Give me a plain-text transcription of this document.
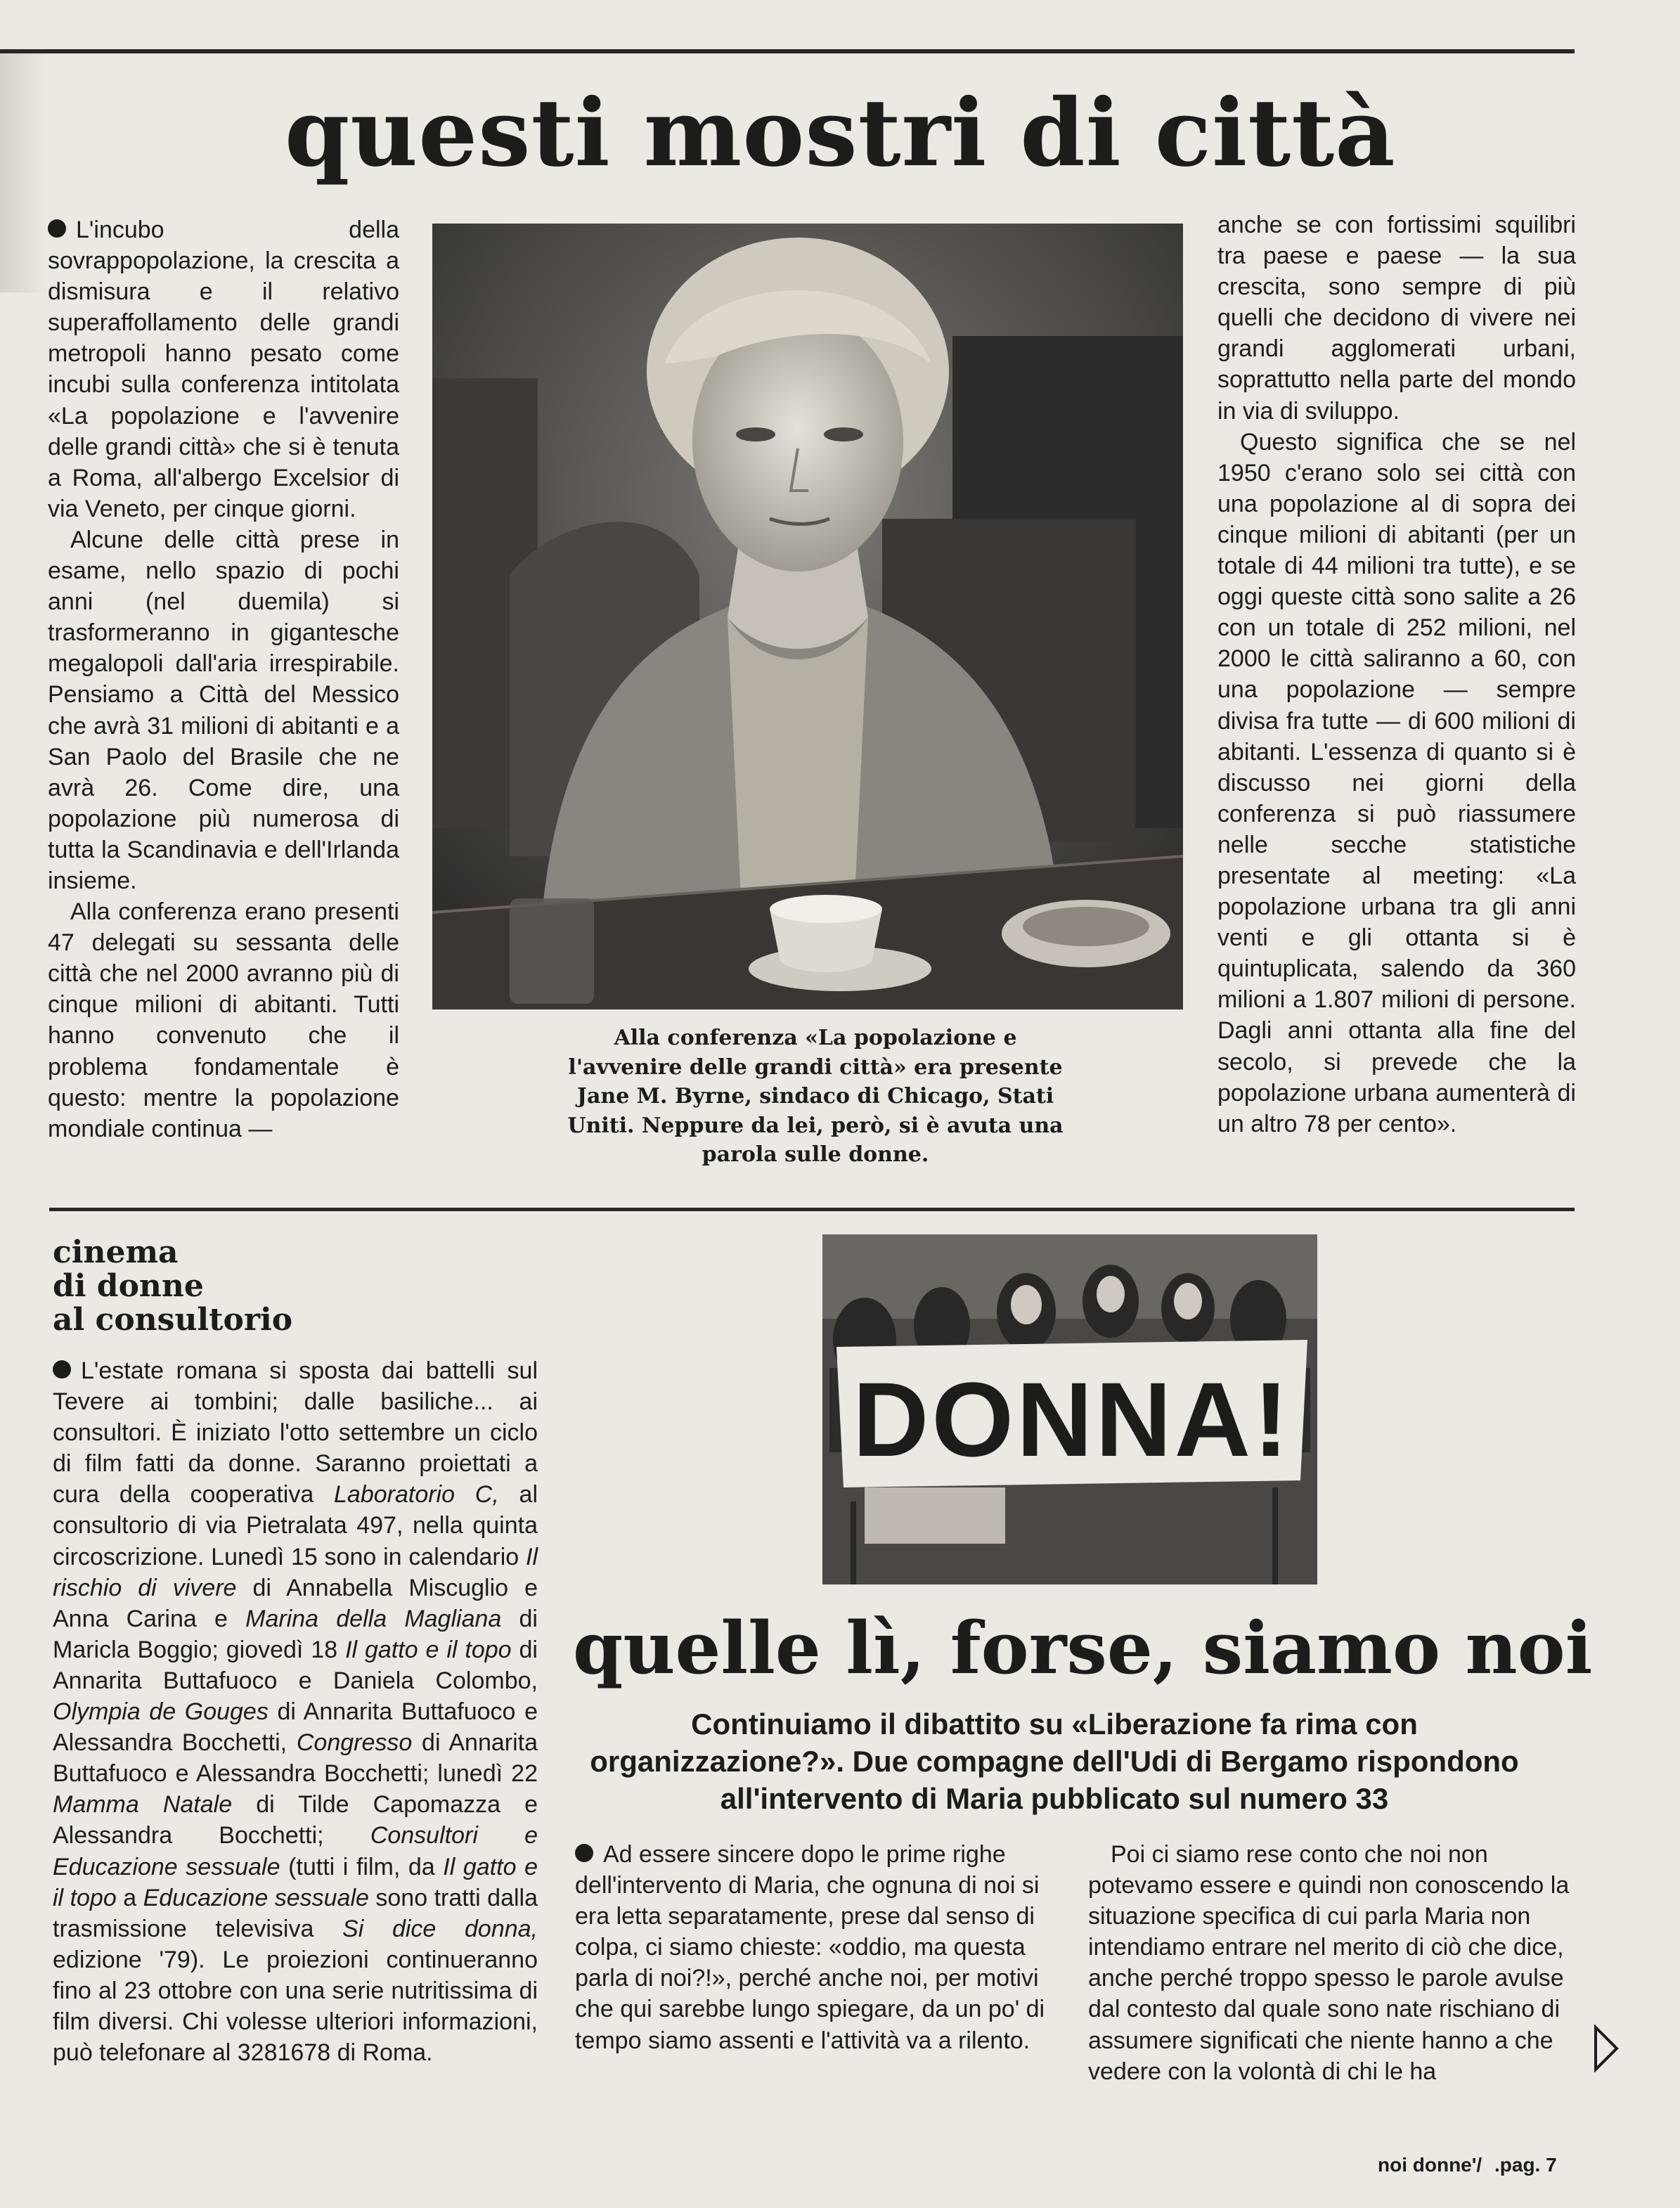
questi mostri di città

L'incubo della sovrappopolazione, la crescita a dismisura e il relativo superaffollamento delle grandi metropoli hanno pesato come incubi sulla conferenza intitolata «La popolazione e l'avvenire delle grandi città» che si è tenuta a Roma, all'albergo Excelsior di via Veneto, per cinque giorni.

Alcune delle città prese in esame, nello spazio di pochi anni (nel duemila) si trasformeranno in gigantesche megalopoli dall'aria irrespirabile. Pensiamo a Città del Messico che avrà 31 milioni di abitanti e a San Paolo del Brasile che ne avrà 26. Come dire, una popolazione più numerosa di tutta la Scandinavia e dell'Irlanda insieme.

Alla conferenza erano presenti 47 delegati su sessanta delle città che nel 2000 avranno più di cinque milioni di abitanti. Tutti hanno convenuto che il problema fondamentale è questo: mentre la popolazione mondiale continua —

Alla conferenza «La popolazione e l'avvenire delle grandi città» era presente Jane M. Byrne, sindaco di Chicago, Stati Uniti. Neppure da lei, però, si è avuta una parola sulle donne.

anche se con fortissimi squilibri tra paese e paese — la sua crescita, sono sempre di più quelli che decidono di vivere nei grandi agglomerati urbani, soprattutto nella parte del mondo in via di sviluppo.

Questo significa che se nel 1950 c'erano solo sei città con una popolazione al di sopra dei cinque milioni di abitanti (per un totale di 44 milioni tra tutte), e se oggi queste città sono salite a 26 con un totale di 252 milioni, nel 2000 le città saliranno a 60, con una popolazione — sempre divisa fra tutte — di 600 milioni di abitanti. L'essenza di quanto si è discusso nei giorni della conferenza si può riassumere nelle secche statistiche presentate al meeting: «La popolazione urbana tra gli anni venti e gli ottanta si è quintuplicata, salendo da 360 milioni a 1.807 milioni di persone. Dagli anni ottanta alla fine del secolo, si prevede che la popolazione urbana aumenterà di un altro 78 per cento».

cinema
di donne
al consultorio
L'estate romana si sposta dai battelli sul Tevere ai tombini; dalle basiliche... ai consultori. È iniziato l'otto settembre un ciclo di film fatti da donne. Saranno proiettati a cura della cooperativa Laboratorio C, al consultorio di via Pietralata 497, nella quinta circoscrizione. Lunedì 15 sono in calendario Il rischio di vivere di Annabella Miscuglio e Anna Carina e Marina della Magliana di Maricla Boggio; giovedì 18 Il gatto e il topo di Annarita Buttafuoco e Daniela Colombo, Olympia de Gouges di Annarita Buttafuoco e Alessandra Bocchetti, Congresso di Annarita Buttafuoco e Alessandra Bocchetti; lunedì 22 Mamma Natale di Tilde Capomazza e Alessandra Bocchetti; Consultori e Educazione sessuale (tutti i film, da Il gatto e il topo a Educazione sessuale sono tratti dalla trasmissione televisiva Si dice donna, edizione '79). Le proiezioni continueranno fino al 23 ottobre con una serie nutritissima di film diversi. Chi volesse ulteriori informazioni, può telefonare al 3281678 di Roma.
DONNA!
quelle lì, forse, siamo noi
Continuiamo il dibattito su «Liberazione fa rima con organizzazione?». Due compagne dell'Udi di Bergamo rispondono all'intervento di Maria pubblicato sul numero 33

Ad essere sincere dopo le prime righe dell'intervento di Maria, che ognuna di noi si era letta separatamente, prese dal senso di colpa, ci siamo chieste: «oddio, ma questa parla di noi?!», perché anche noi, per motivi che qui sarebbe lungo spiegare, da un po' di tempo siamo assenti e l'attività va a rilento.

Poi ci siamo rese conto che noi non potevamo essere e quindi non conoscendo la situazione specifica di cui parla Maria non intendiamo entrare nel merito di ciò che dice, anche perché troppo spesso le parole avulse dal contesto dal quale sono nate rischiano di assumere significati che niente hanno a che vedere con la volontà di chi le ha

noi donne'/ .pag. 7
